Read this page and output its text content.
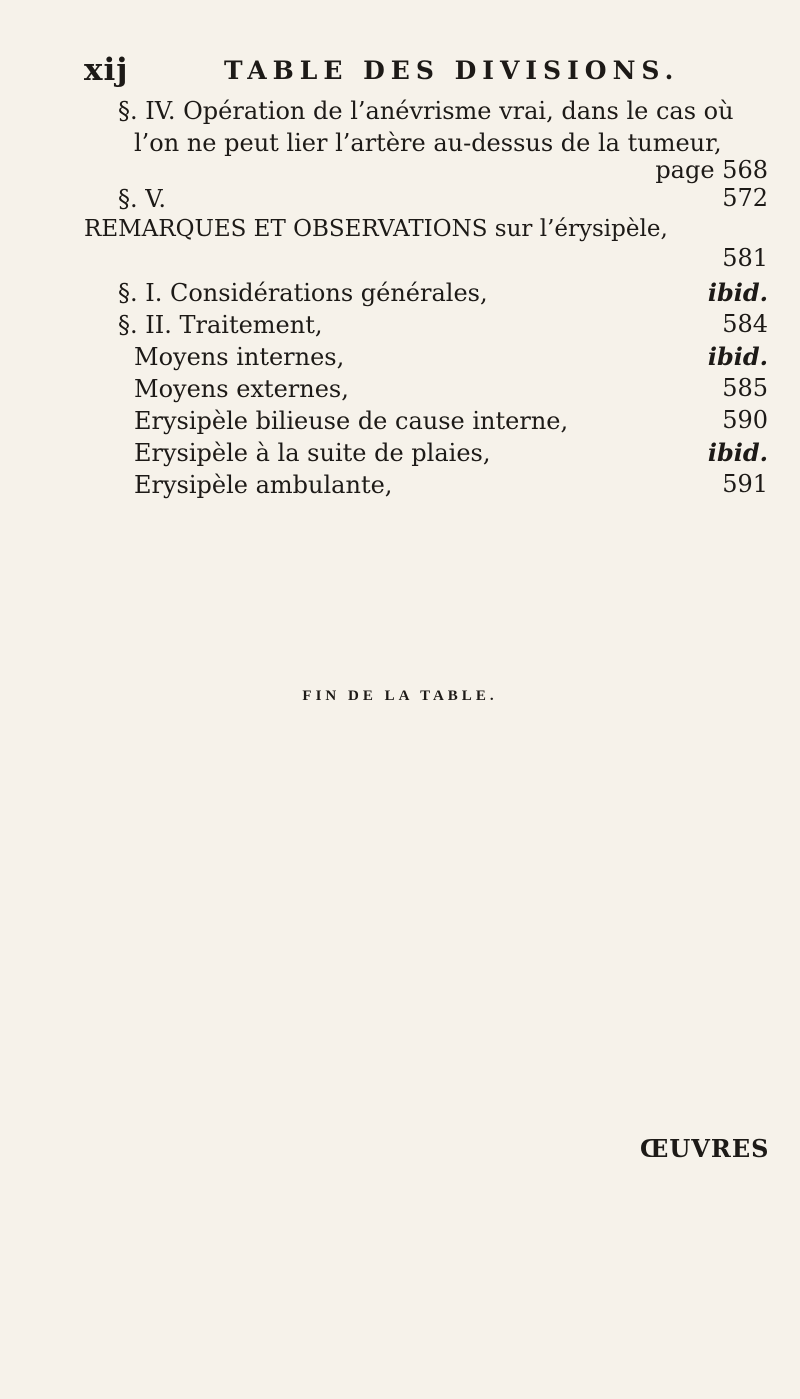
xij	TABLE DES DIVISIONS.
§. IV. Opération de l’anévrisme vrai, dans le cas où
l’on ne peut lier l’artère au-dessus de la tumeur,
page 568
§. V.	572
REMARQUES ET OBSERVATIONS sur l’érysipèle,
581
§. I. Considérations générales,	ibid.
§. II. Traitement,	584
Moyens internes,	ibid.
Moyens externes,	585
Erysipèle bilieuse de cause interne,	590
Erysipèle à la suite de plaies,	ibid.
Erysipèle ambulante,	591
FIN DE LA TABLE.
ŒUVRES
